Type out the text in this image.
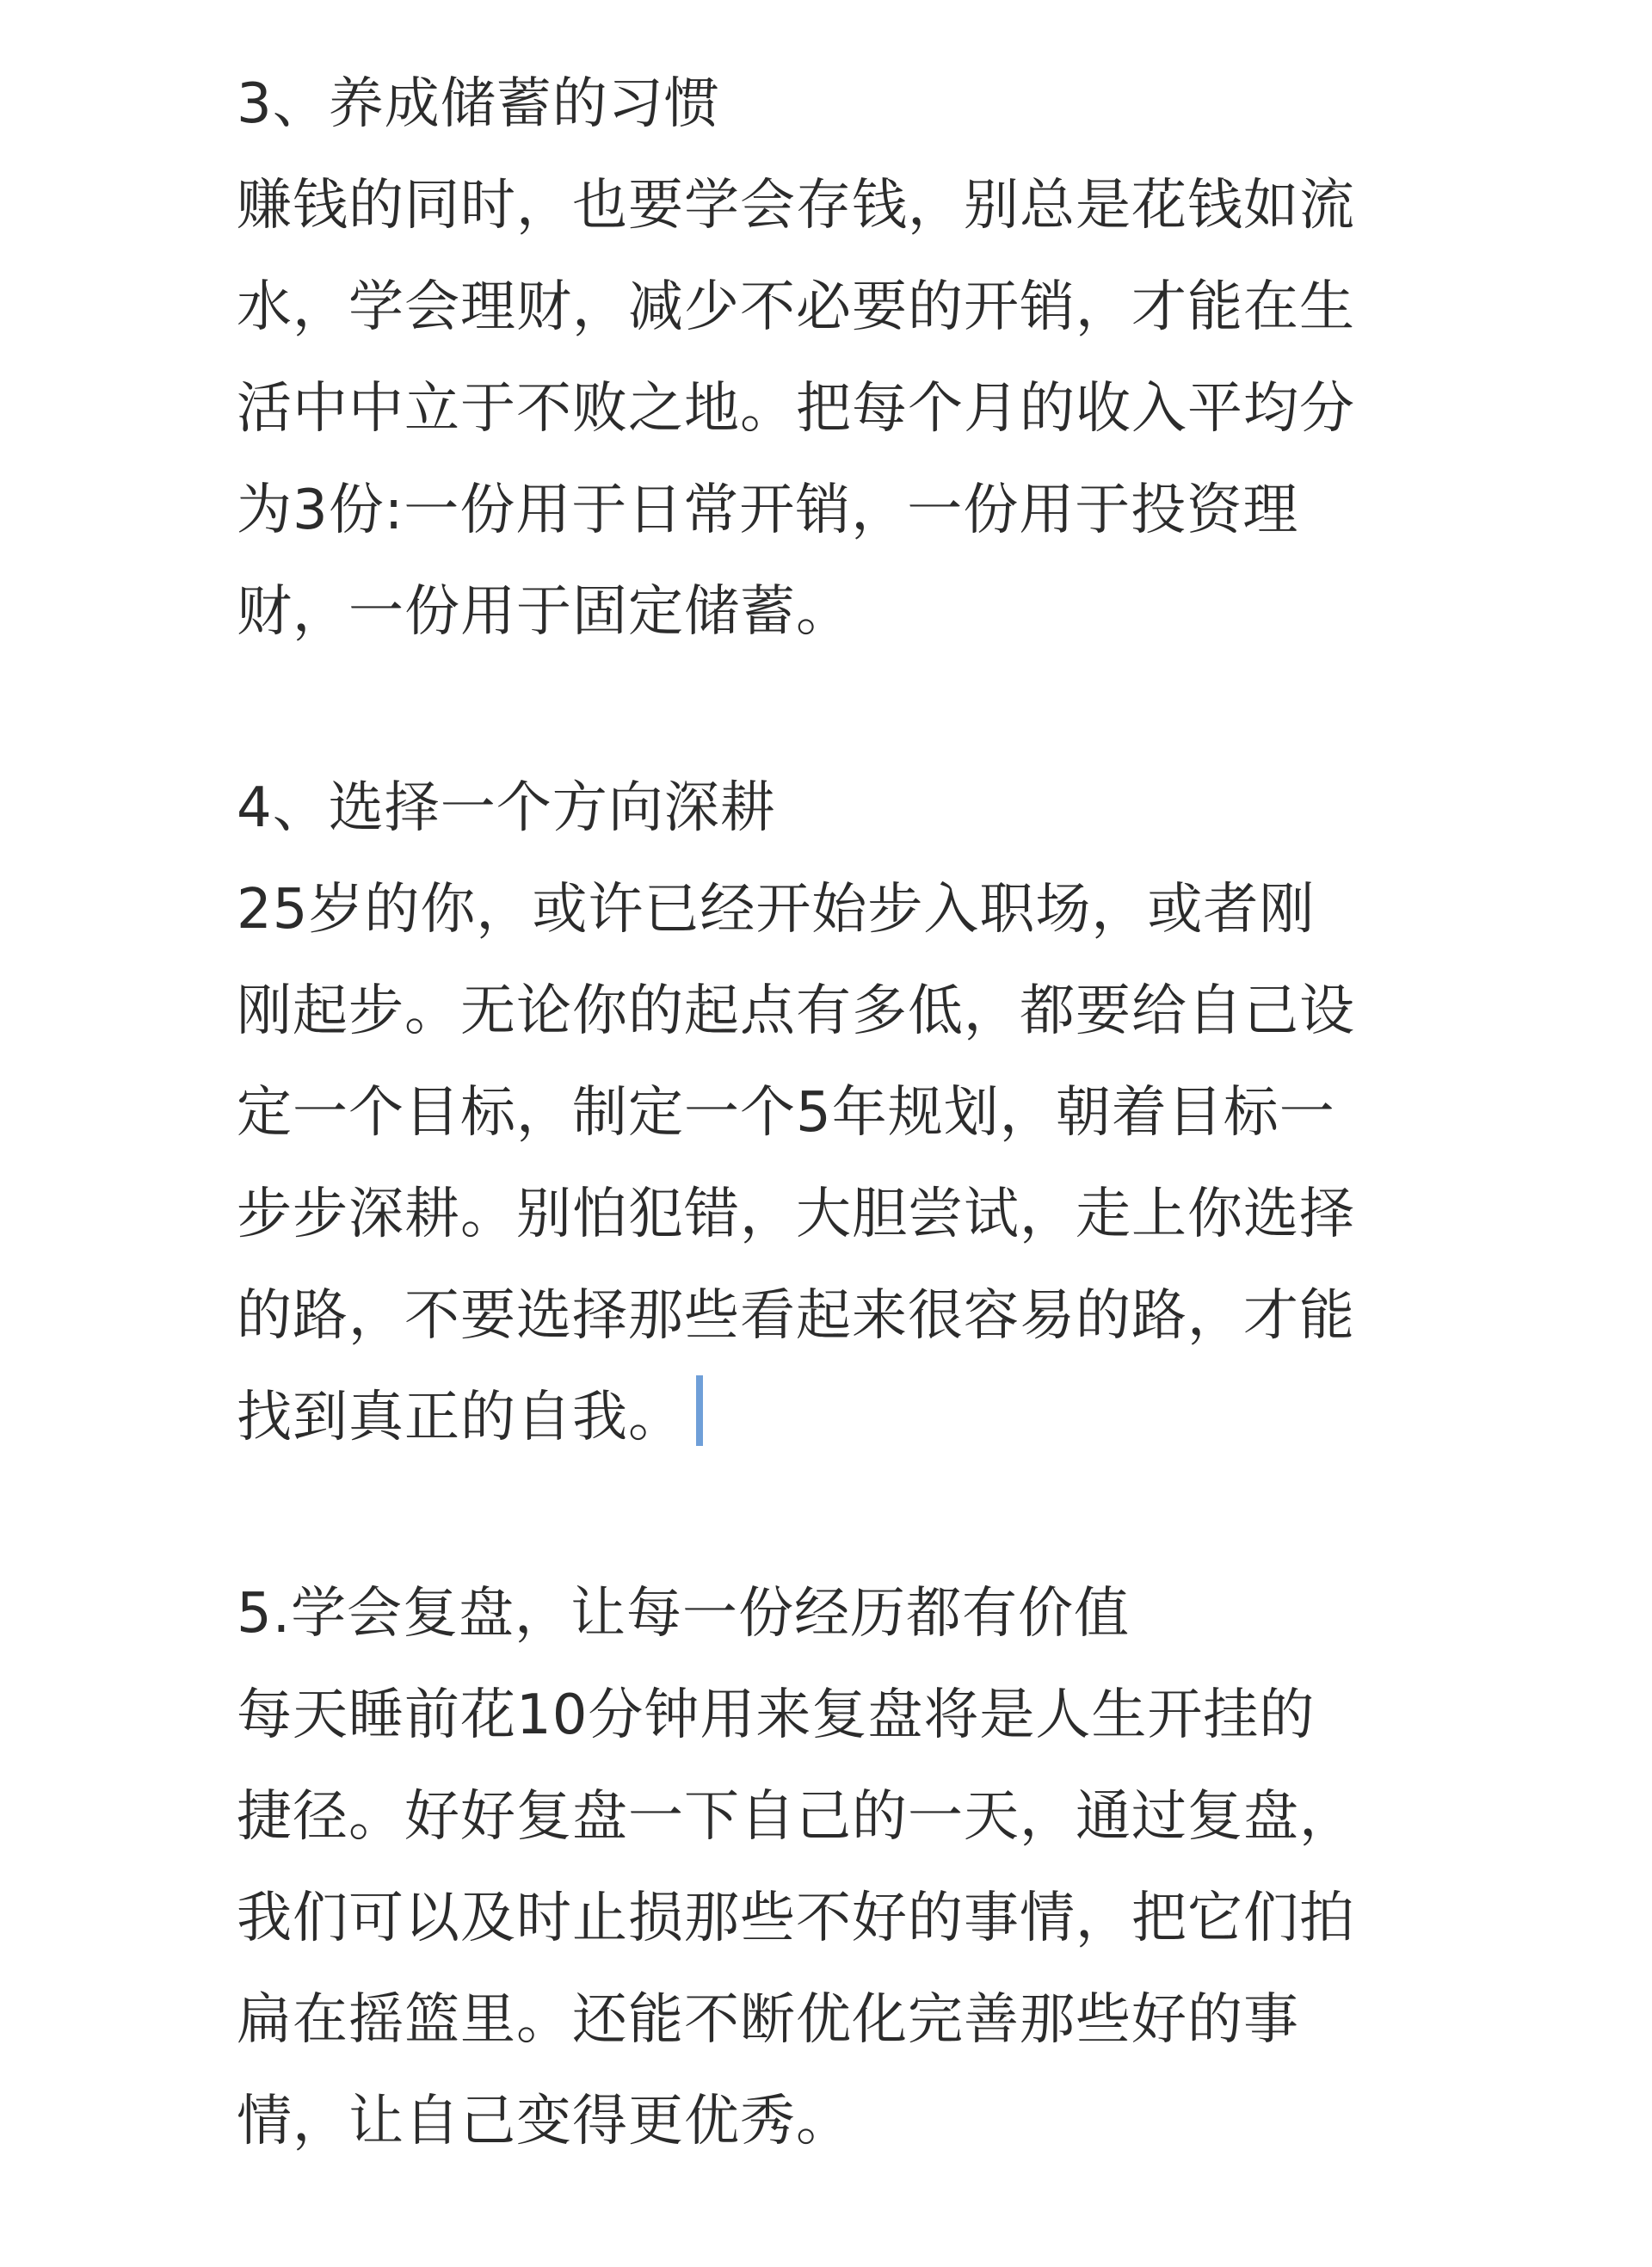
3、养成储蓄的习惯
赚钱的同时，也要学会存钱，别总是花钱如流
水，学会理财，减少不必要的开销，才能在生
活中中立于不败之地。把每个月的收入平均分
为3份:一份用于日常开销，一份用于投资理
财，一份用于固定储蓄。
4、选择一个方向深耕
25岁的你，或许已经开始步入职场，或者刚
刚起步。无论你的起点有多低，都要给自己设
定一个目标，制定一个5年规划，朝着目标一
步步深耕。别怕犯错，大胆尝试，走上你选择
的路，不要选择那些看起来很容易的路，才能
找到真正的自我。
5.学会复盘，让每一份经历都有价值
每天睡前花10分钟用来复盘将是人生开挂的
捷径。好好复盘一下自己的一天，通过复盘，
我们可以及时止损那些不好的事情，把它们拍
扁在摇篮里。还能不断优化完善那些好的事
情，让自己变得更优秀。
